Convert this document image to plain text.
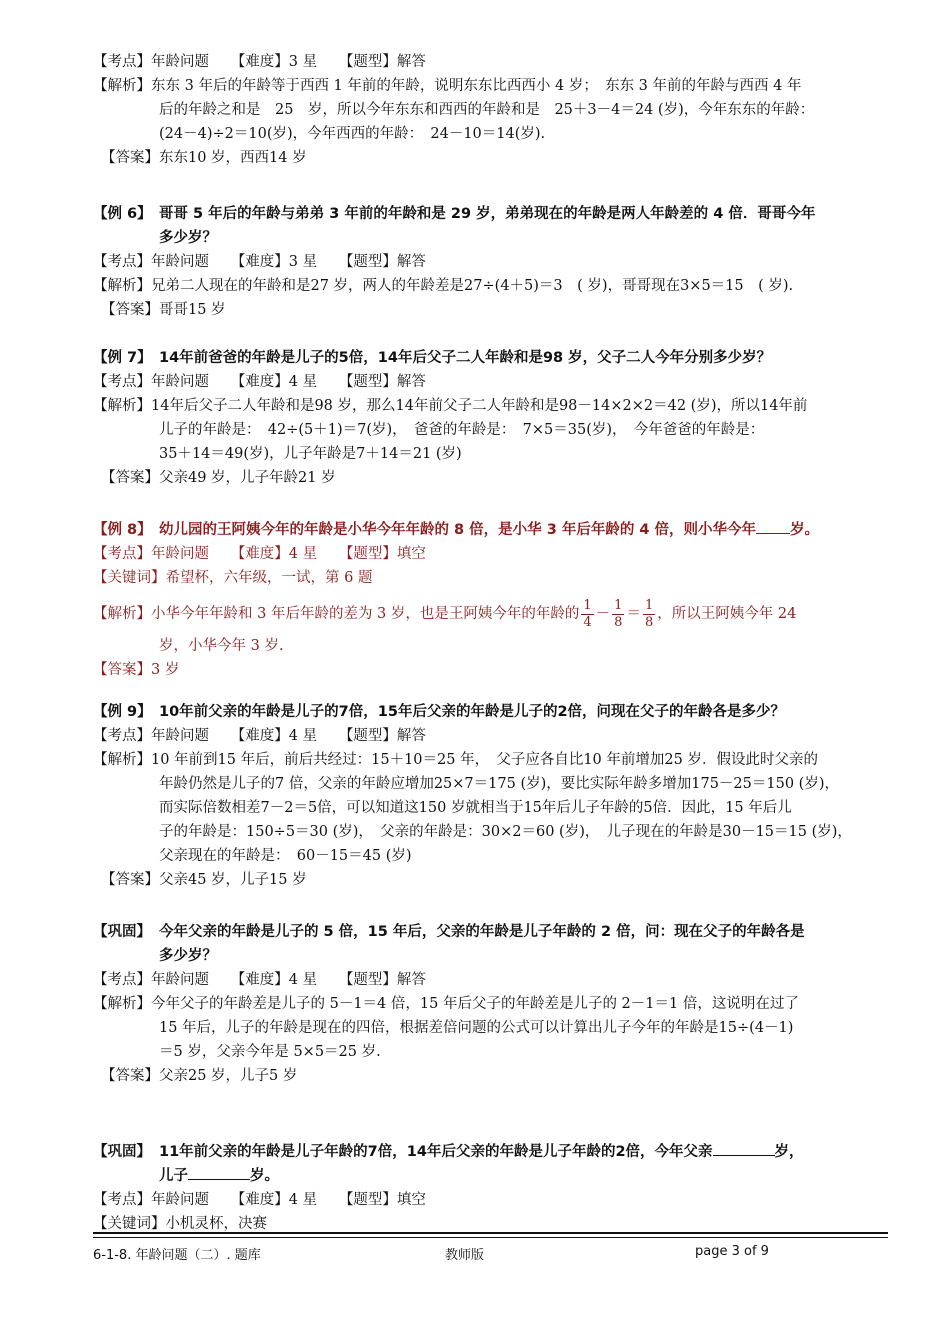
【考点】年龄问题　　【难度】3 星　　【题型】解答
【解析】东东 3 年后的年龄等于西西 1 年前的年龄，说明东东比西西小 4 岁；　东东 3 年前的年龄与西西 4 年
后的年龄之和是　25　岁，所以今年东东和西西的年龄和是　25＋3－4＝24 (岁)，今年东东的年龄：
(24－4)÷2＝10(岁)，今年西西的年龄：　24－10＝14(岁).
【答案】东东10 岁，西西14 岁
【例 6】 哥哥 5 年后的年龄与弟弟 3 年前的年龄和是 29 岁，弟弟现在的年龄是两人年龄差的 4 倍．哥哥今年
多少岁？
【考点】年龄问题　　【难度】3 星　　【题型】解答
【解析】兄弟二人现在的年龄和是27 岁，两人的年龄差是27÷(4＋5)＝3　( 岁)，哥哥现在3×5＝15　( 岁).
【答案】哥哥15 岁
【例 7】 14年前爸爸的年龄是儿子的5倍，14年后父子二人年龄和是98 岁，父子二人今年分别多少岁？
【考点】年龄问题　　【难度】4 星　　【题型】解答
【解析】14年后父子二人年龄和是98 岁，那么14年前父子二人年龄和是98－14×2×2＝42 (岁)，所以14年前
儿子的年龄是：　42÷(5＋1)＝7(岁)，　爸爸的年龄是：　7×5＝35(岁)，　今年爸爸的年龄是：
35＋14＝49(岁)，儿子年龄是7＋14＝21 (岁)
【答案】父亲49 岁，儿子年龄21 岁
【例 8】 幼儿园的王阿姨今年的年龄是小华今年年龄的 8 倍，是小华 3 年后年龄的 4 倍，则小华今年 岁。
【考点】年龄问题　　【难度】4 星　　【题型】填空
【关键词】希望杯，六年级，一试，第 6 题
【解析】小华今年年龄和 3 年后年龄的差为 3 岁，也是王阿姨今年的年龄的 $\frac{1}{4} - \frac{1}{8} = \frac{1}{8}$ ，所以王阿姨今年 24
岁，小华今年 3 岁.
【答案】3 岁
【例 9】 10年前父亲的年龄是儿子的7倍，15年后父亲的年龄是儿子的2倍，问现在父子的年龄各是多少？
【考点】年龄问题　　【难度】4 星　　【题型】解答
【解析】10 年前到15 年后，前后共经过：15＋10＝25 年，　父子应各自比10 年前增加25 岁．假设此时父亲的
年龄仍然是儿子的7 倍，父亲的年龄应增加25×7＝175 (岁)，要比实际年龄多增加175－25＝150 (岁)，
而实际倍数相差7－2＝5倍，可以知道这150 岁就相当于15年后儿子年龄的5倍．因此，15 年后儿
子的年龄是：150÷5＝30 (岁)，　父亲的年龄是：30×2＝60 (岁)，　儿子现在的年龄是30－15＝15 (岁)，
父亲现在的年龄是：　60－15＝45 (岁)
【答案】父亲45 岁，儿子15 岁
【巩固】 今年父亲的年龄是儿子的 5 倍，15 年后，父亲的年龄是儿子年龄的 2 倍，问：现在父子的年龄各是
多少岁？
【考点】年龄问题　　【难度】4 星　　【题型】解答
【解析】今年父子的年龄差是儿子的 5－1＝4 倍，15 年后父子的年龄差是儿子的 2－1＝1 倍，这说明在过了
15 年后，儿子的年龄是现在的四倍，根据差倍问题的公式可以计算出儿子今年的年龄是15÷(4－1)
＝5 岁，父亲今年是 5×5＝25 岁.
【答案】父亲25 岁，儿子5 岁
【巩固】 11年前父亲的年龄是儿子年龄的7倍，14年后父亲的年龄是儿子年龄的2倍，今年父亲	岁，
儿子	岁。
【考点】年龄问题　　【难度】4 星　　【题型】填空
【关键词】小机灵杯，决赛
6-1-8. 年龄问题（二）. 题库	教师版	page 3 of 9
